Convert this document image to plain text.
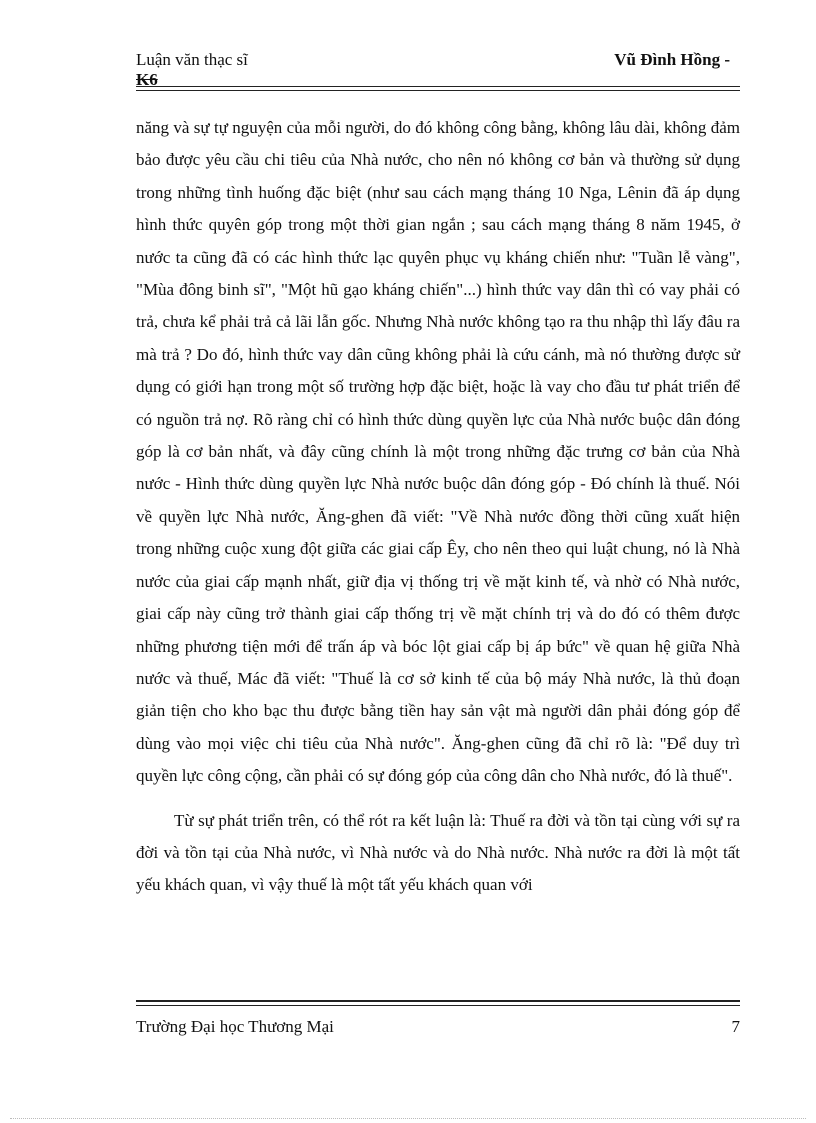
Luận văn thạc sĩ
K6
Vũ Đình Hồng -

năng và sự tự nguyện của mỗi người, do đó không công bằng, không lâu dài, không đảm bảo được yêu cầu chi tiêu của Nhà nước, cho nên nó không cơ bản và thường sử dụng trong những tình huống đặc biệt (như sau cách mạng tháng 10 Nga, Lênin đã áp dụng hình thức quyên góp trong một thời gian ngắn ; sau cách mạng tháng 8 năm 1945, ở nước ta cũng đã có các hình thức lạc quyên phục vụ kháng chiến như: "Tuần lễ vàng", "Mùa đông binh sĩ", "Một hũ gạo kháng chiến"...) hình thức vay dân thì có vay phải có trả, chưa kể phải trả cả lãi lẫn gốc. Nhưng Nhà nước không tạo ra thu nhập thì lấy đâu ra mà trả ? Do đó, hình thức vay dân cũng không phải là cứu cánh, mà nó thường được sử dụng có giới hạn trong một số trường hợp đặc biệt, hoặc là vay cho đầu tư phát triển để có nguồn trả nợ. Rõ ràng chỉ có hình thức dùng quyền lực của Nhà nước buộc dân đóng góp là cơ bản nhất, và đây cũng chính là một trong những đặc trưng cơ bản của Nhà nước - Hình thức dùng quyền lực Nhà nước buộc dân đóng góp - Đó chính là thuế. Nói về quyền lực Nhà nước, Ăng-ghen đã viết: "Về Nhà nước đồng thời cũng xuất hiện trong những cuộc xung đột giữa các giai cấp Êy, cho nên theo qui luật chung, nó là Nhà nước của giai cấp mạnh nhất, giữ địa vị thống trị về mặt kinh tế, và nhờ có Nhà nước, giai cấp này cũng trở thành giai cấp thống trị về mặt chính trị và do đó có thêm được những phương tiện mới để trấn áp và bóc lột giai cấp bị áp bức" về quan hệ giữa Nhà nước và thuế, Mác đã viết: "Thuế là cơ sở kinh tế của bộ máy Nhà nước, là thủ đoạn giản tiện cho kho bạc thu được bằng tiền hay sản vật mà người dân phải đóng góp để dùng vào mọi việc chi tiêu của Nhà nước". Ăng-ghen cũng đã chỉ rõ là: "Để duy trì quyền lực công cộng, cần phải có sự đóng góp của công dân cho Nhà nước, đó là thuế".

Từ sự phát triển trên, có thể rót ra kết luận là: Thuế ra đời và tồn tại cùng với sự ra đời và tồn tại của Nhà nước, vì Nhà nước và do Nhà nước. Nhà nước ra đời là một tất yếu khách quan, vì vậy thuế là một tất yếu khách quan với

Trường Đại học Thương Mại	7
